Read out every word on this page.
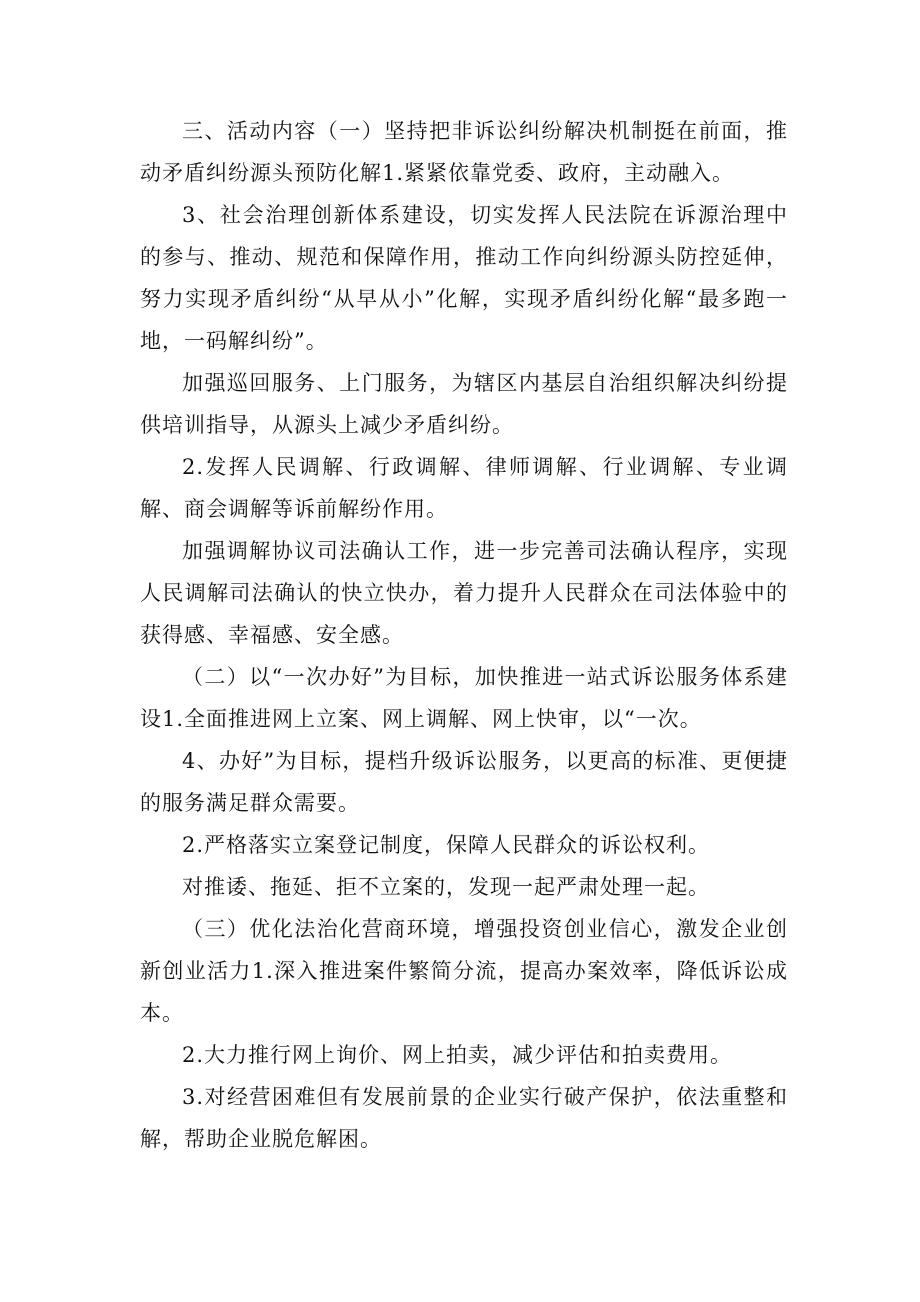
三、活动内容（一）坚持把非诉讼纠纷解决机制挺在前面，推动矛盾纠纷源头预防化解1.紧紧依靠党委、政府，主动融入。

3、社会治理创新体系建设，切实发挥人民法院在诉源治理中的参与、推动、规范和保障作用，推动工作向纠纷源头防控延伸，努力实现矛盾纠纷“从早从小”化解，实现矛盾纠纷化解“最多跑一地，一码解纠纷”。

加强巡回服务、上门服务，为辖区内基层自治组织解决纠纷提供培训指导，从源头上减少矛盾纠纷。

2.发挥人民调解、行政调解、律师调解、行业调解、专业调解、商会调解等诉前解纷作用。

加强调解协议司法确认工作，进一步完善司法确认程序，实现人民调解司法确认的快立快办，着力提升人民群众在司法体验中的获得感、幸福感、安全感。

（二）以“一次办好”为目标，加快推进一站式诉讼服务体系建设1.全面推进网上立案、网上调解、网上快审，以“一次。

4、办好”为目标，提档升级诉讼服务，以更高的标准、更便捷的服务满足群众需要。

2.严格落实立案登记制度，保障人民群众的诉讼权利。

对推诿、拖延、拒不立案的，发现一起严肃处理一起。

（三）优化法治化营商环境，增强投资创业信心，激发企业创新创业活力1.深入推进案件繁简分流，提高办案效率，降低诉讼成本。

2.大力推行网上询价、网上拍卖，减少评估和拍卖费用。

3.对经营困难但有发展前景的企业实行破产保护，依法重整和解，帮助企业脱危解困。
